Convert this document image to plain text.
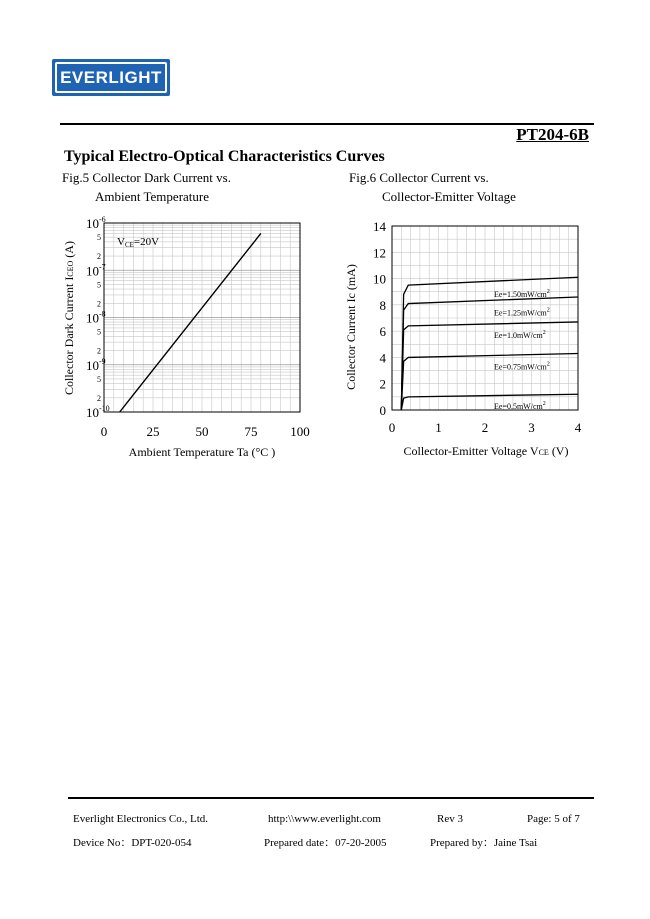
EVERLIGHT
PT204-6B
Typical Electro-Optical Characteristics Curves
Fig.5 Collector Dark Current vs.
Ambient Temperature
Fig.6 Collector Current vs.
Collector-Emitter Voltage
0	25	50	75	100
$10^{-6}$
$10^{-7}$
$10^{-8}$
$10^{-9}$
$10^{-10}$
5
2
5
2
5
2
5
2
VCE=20V
Ambient Temperature Ta (°C )
Collector Dark Current ICEO (A)
0	1	2	3	4
0
2
4
6
8
10
12
14
Collector-Emitter Voltage VCE (V)
Collector Current Ic (mA)	$Ee=1.50mW/cm^2$
$Ee=1.25mW/cm^2$
$Ee=1.0mW/cm^2$
$Ee=0.75mW/cm^2$
$Ee=0.5mW/cm^2$
Everlight Electronics Co., Ltd.	http:\\www.everlight.com	Rev 3	Page: 5 of 7
Device No：DPT-020-054	Prepared date：07-20-2005	Prepared by：Jaine Tsai
